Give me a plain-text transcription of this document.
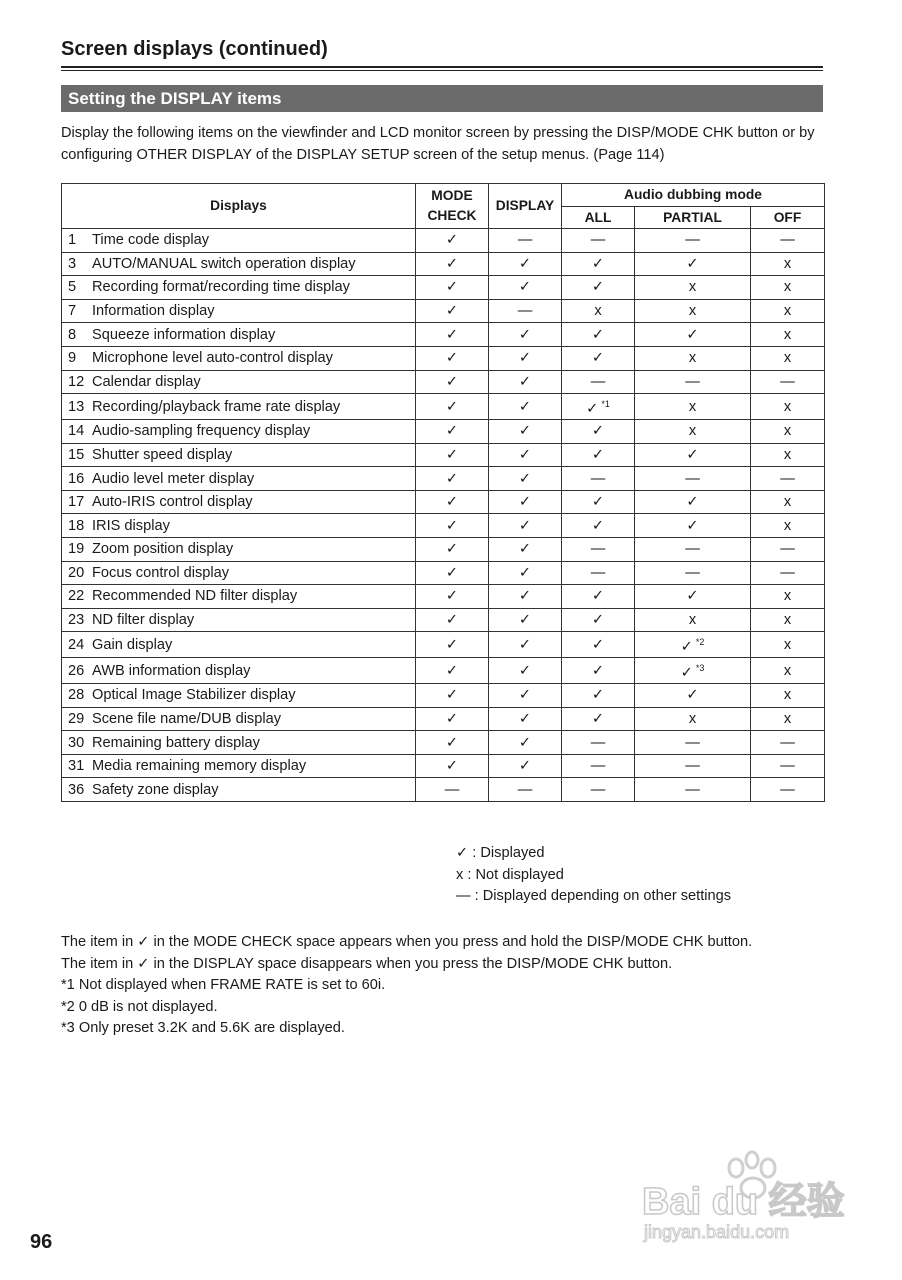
Screen displays (continued)
Setting the DISPLAY items

Display the following items on the viewfinder and LCD monitor screen by pressing the DISP/MODE CHK button or by configuring OTHER DISPLAY of the DISPLAY SETUP screen of the setup menus. (Page 114)

Displays	MODE CHECK	DISPLAY	Audio dubbing mode		
			ALL	PARTIAL	OFF
1 Time code display	✓	—	—	—	—
3 AUTO/MANUAL switch operation display	✓	✓	✓	✓	x
5 Recording format/recording time display	✓	✓	✓	x	x
7 Information display	✓	—	x	x	x
8 Squeeze information display	✓	✓	✓	✓	x
9 Microphone level auto-control display	✓	✓	✓	x	x
12 Calendar display	✓	✓	—	—	—
13 Recording/playback frame rate display	✓	✓	✓ $^{*1}$	x	x
14 Audio-sampling frequency display	✓	✓	✓	x	x
15 Shutter speed display	✓	✓	✓	✓	x
16 Audio level meter display	✓	✓	—	—	—
17 Auto-IRIS control display	✓	✓	✓	✓	x
18 IRIS display	✓	✓	✓	✓	x
19 Zoom position display	✓	✓	—	—	—
20 Focus control display	✓	✓	—	—	—
22 Recommended ND filter display	✓	✓	✓	✓	x
23 ND filter display	✓	✓	✓	x	x
24 Gain display	✓	✓	✓	✓ $^{*2}$	x
26 AWB information display	✓	✓	✓	✓ $^{*3}$	x
28 Optical Image Stabilizer display	✓	✓	✓	✓	x
29 Scene file name/DUB display	✓	✓	✓	x	x
30 Remaining battery display	✓	✓	—	—	—
31 Media remaining memory display	✓	✓	—	—	—
36 Safety zone display	—	—	—	—	—
✓ : Displayed
x : Not displayed
— : Displayed depending on other settings
The item in ✓ in the MODE CHECK space appears when you press and hold the DISP/MODE CHK button.
The item in ✓ in the DISPLAY space disappears when you press the DISP/MODE CHK button.
*1 Not displayed when FRAME RATE is set to 60i.
*2 0 dB is not displayed.
*3 Only preset 3.2K and 5.6K are displayed.
96
Bai du 经验
jingyan.baidu.com
